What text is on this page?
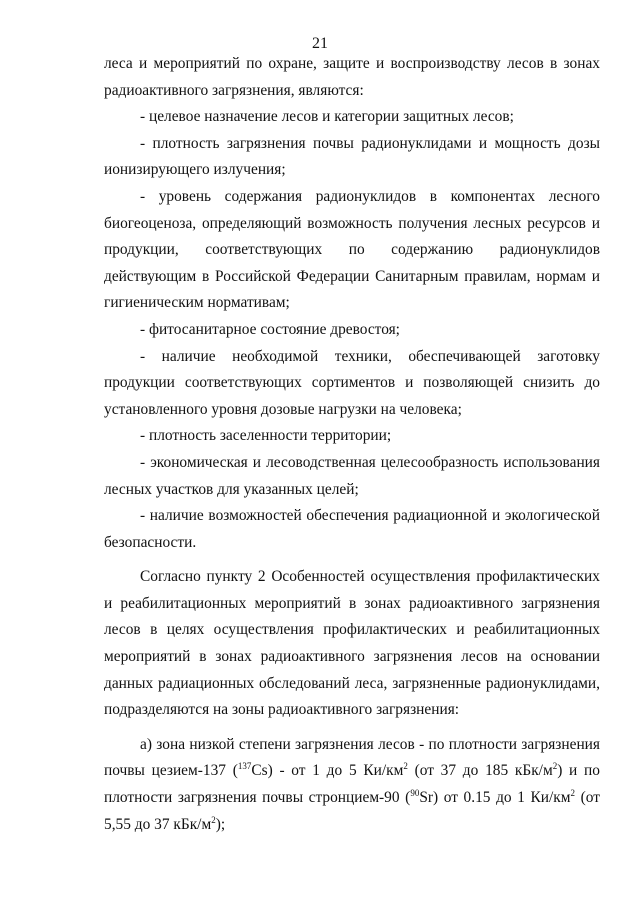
21

леса и мероприятий по охране, защите и воспроизводству лесов в зонах радиоактивного загрязнения, являются:

- целевое назначение лесов и категории защитных лесов;

- плотность загрязнения почвы радионуклидами и мощность дозы ионизирующего излучения;

- уровень содержания радионуклидов в компонентах лесного биогеоценоза, определяющий возможность получения лесных ресурсов и продукции, соответствующих по содержанию радионуклидов действующим в Российской Федерации Санитарным правилам, нормам и гигиеническим нормативам;

- фитосанитарное состояние древостоя;

- наличие необходимой техники, обеспечивающей заготовку продукции соответствующих сортиментов и позволяющей снизить до установленного уровня дозовые нагрузки на человека;

- плотность заселенности территории;

- экономическая и лесоводственная целесообразность использования лесных участков для указанных целей;

- наличие возможностей обеспечения радиационной и экологической безопасности.

Согласно пункту 2 Особенностей осуществления профилактических и реабилитационных мероприятий в зонах радиоактивного загрязнения лесов в целях осуществления профилактических и реабилитационных мероприятий в зонах радиоактивного загрязнения лесов на основании данных радиационных обследований леса, загрязненные радионуклидами, подразделяются на зоны радиоактивного загрязнения:

а) зона низкой степени загрязнения лесов - по плотности загрязнения почвы цезием-137 ($^{137}$Cs) - от 1 до 5 $Ки/км^2$ (от 37 до 185 кБк/$м^2$) и по плотности загрязнения почвы стронцием-90 ($^{90}$Sr) от 0.15 до 1 $Ки/км^2$ (от 5,55 до 37 кБк/$м^2$);
